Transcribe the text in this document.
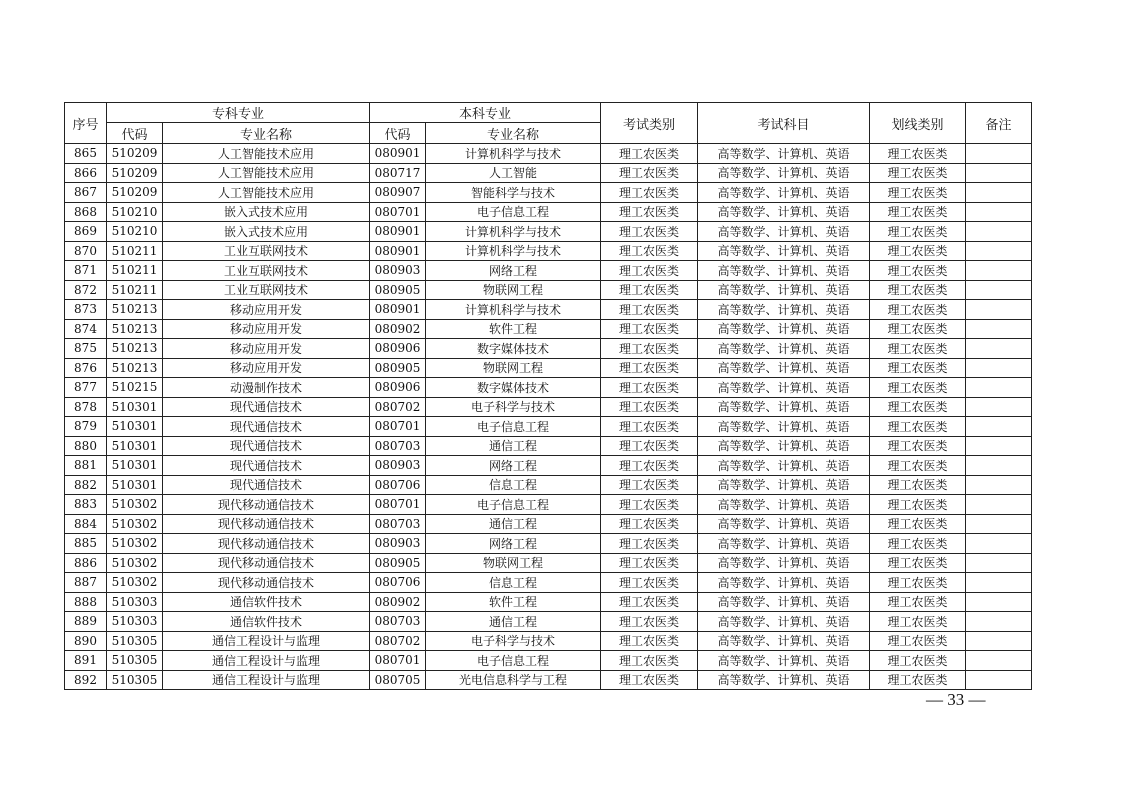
序号	专科专业		本科专业		考试类别	考试科目	划线类别	备注
	代码	专业名称	代码	专业名称				
865	510209	人工智能技术应用	080901	计算机科学与技术	理工农医类	高等数学、计算机、英语	理工农医类	
866	510209	人工智能技术应用	080717	人工智能	理工农医类	高等数学、计算机、英语	理工农医类	
867	510209	人工智能技术应用	080907	智能科学与技术	理工农医类	高等数学、计算机、英语	理工农医类	
868	510210	嵌入式技术应用	080701	电子信息工程	理工农医类	高等数学、计算机、英语	理工农医类	
869	510210	嵌入式技术应用	080901	计算机科学与技术	理工农医类	高等数学、计算机、英语	理工农医类	
870	510211	工业互联网技术	080901	计算机科学与技术	理工农医类	高等数学、计算机、英语	理工农医类	
871	510211	工业互联网技术	080903	网络工程	理工农医类	高等数学、计算机、英语	理工农医类	
872	510211	工业互联网技术	080905	物联网工程	理工农医类	高等数学、计算机、英语	理工农医类	
873	510213	移动应用开发	080901	计算机科学与技术	理工农医类	高等数学、计算机、英语	理工农医类	
874	510213	移动应用开发	080902	软件工程	理工农医类	高等数学、计算机、英语	理工农医类	
875	510213	移动应用开发	080906	数字媒体技术	理工农医类	高等数学、计算机、英语	理工农医类	
876	510213	移动应用开发	080905	物联网工程	理工农医类	高等数学、计算机、英语	理工农医类	
877	510215	动漫制作技术	080906	数字媒体技术	理工农医类	高等数学、计算机、英语	理工农医类	
878	510301	现代通信技术	080702	电子科学与技术	理工农医类	高等数学、计算机、英语	理工农医类	
879	510301	现代通信技术	080701	电子信息工程	理工农医类	高等数学、计算机、英语	理工农医类	
880	510301	现代通信技术	080703	通信工程	理工农医类	高等数学、计算机、英语	理工农医类	
881	510301	现代通信技术	080903	网络工程	理工农医类	高等数学、计算机、英语	理工农医类	
882	510301	现代通信技术	080706	信息工程	理工农医类	高等数学、计算机、英语	理工农医类	
883	510302	现代移动通信技术	080701	电子信息工程	理工农医类	高等数学、计算机、英语	理工农医类	
884	510302	现代移动通信技术	080703	通信工程	理工农医类	高等数学、计算机、英语	理工农医类	
885	510302	现代移动通信技术	080903	网络工程	理工农医类	高等数学、计算机、英语	理工农医类	
886	510302	现代移动通信技术	080905	物联网工程	理工农医类	高等数学、计算机、英语	理工农医类	
887	510302	现代移动通信技术	080706	信息工程	理工农医类	高等数学、计算机、英语	理工农医类	
888	510303	通信软件技术	080902	软件工程	理工农医类	高等数学、计算机、英语	理工农医类	
889	510303	通信软件技术	080703	通信工程	理工农医类	高等数学、计算机、英语	理工农医类	
890	510305	通信工程设计与监理	080702	电子科学与技术	理工农医类	高等数学、计算机、英语	理工农医类	
891	510305	通信工程设计与监理	080701	电子信息工程	理工农医类	高等数学、计算机、英语	理工农医类	
892	510305	通信工程设计与监理	080705	光电信息科学与工程	理工农医类	高等数学、计算机、英语	理工农医类	
— 33 —
